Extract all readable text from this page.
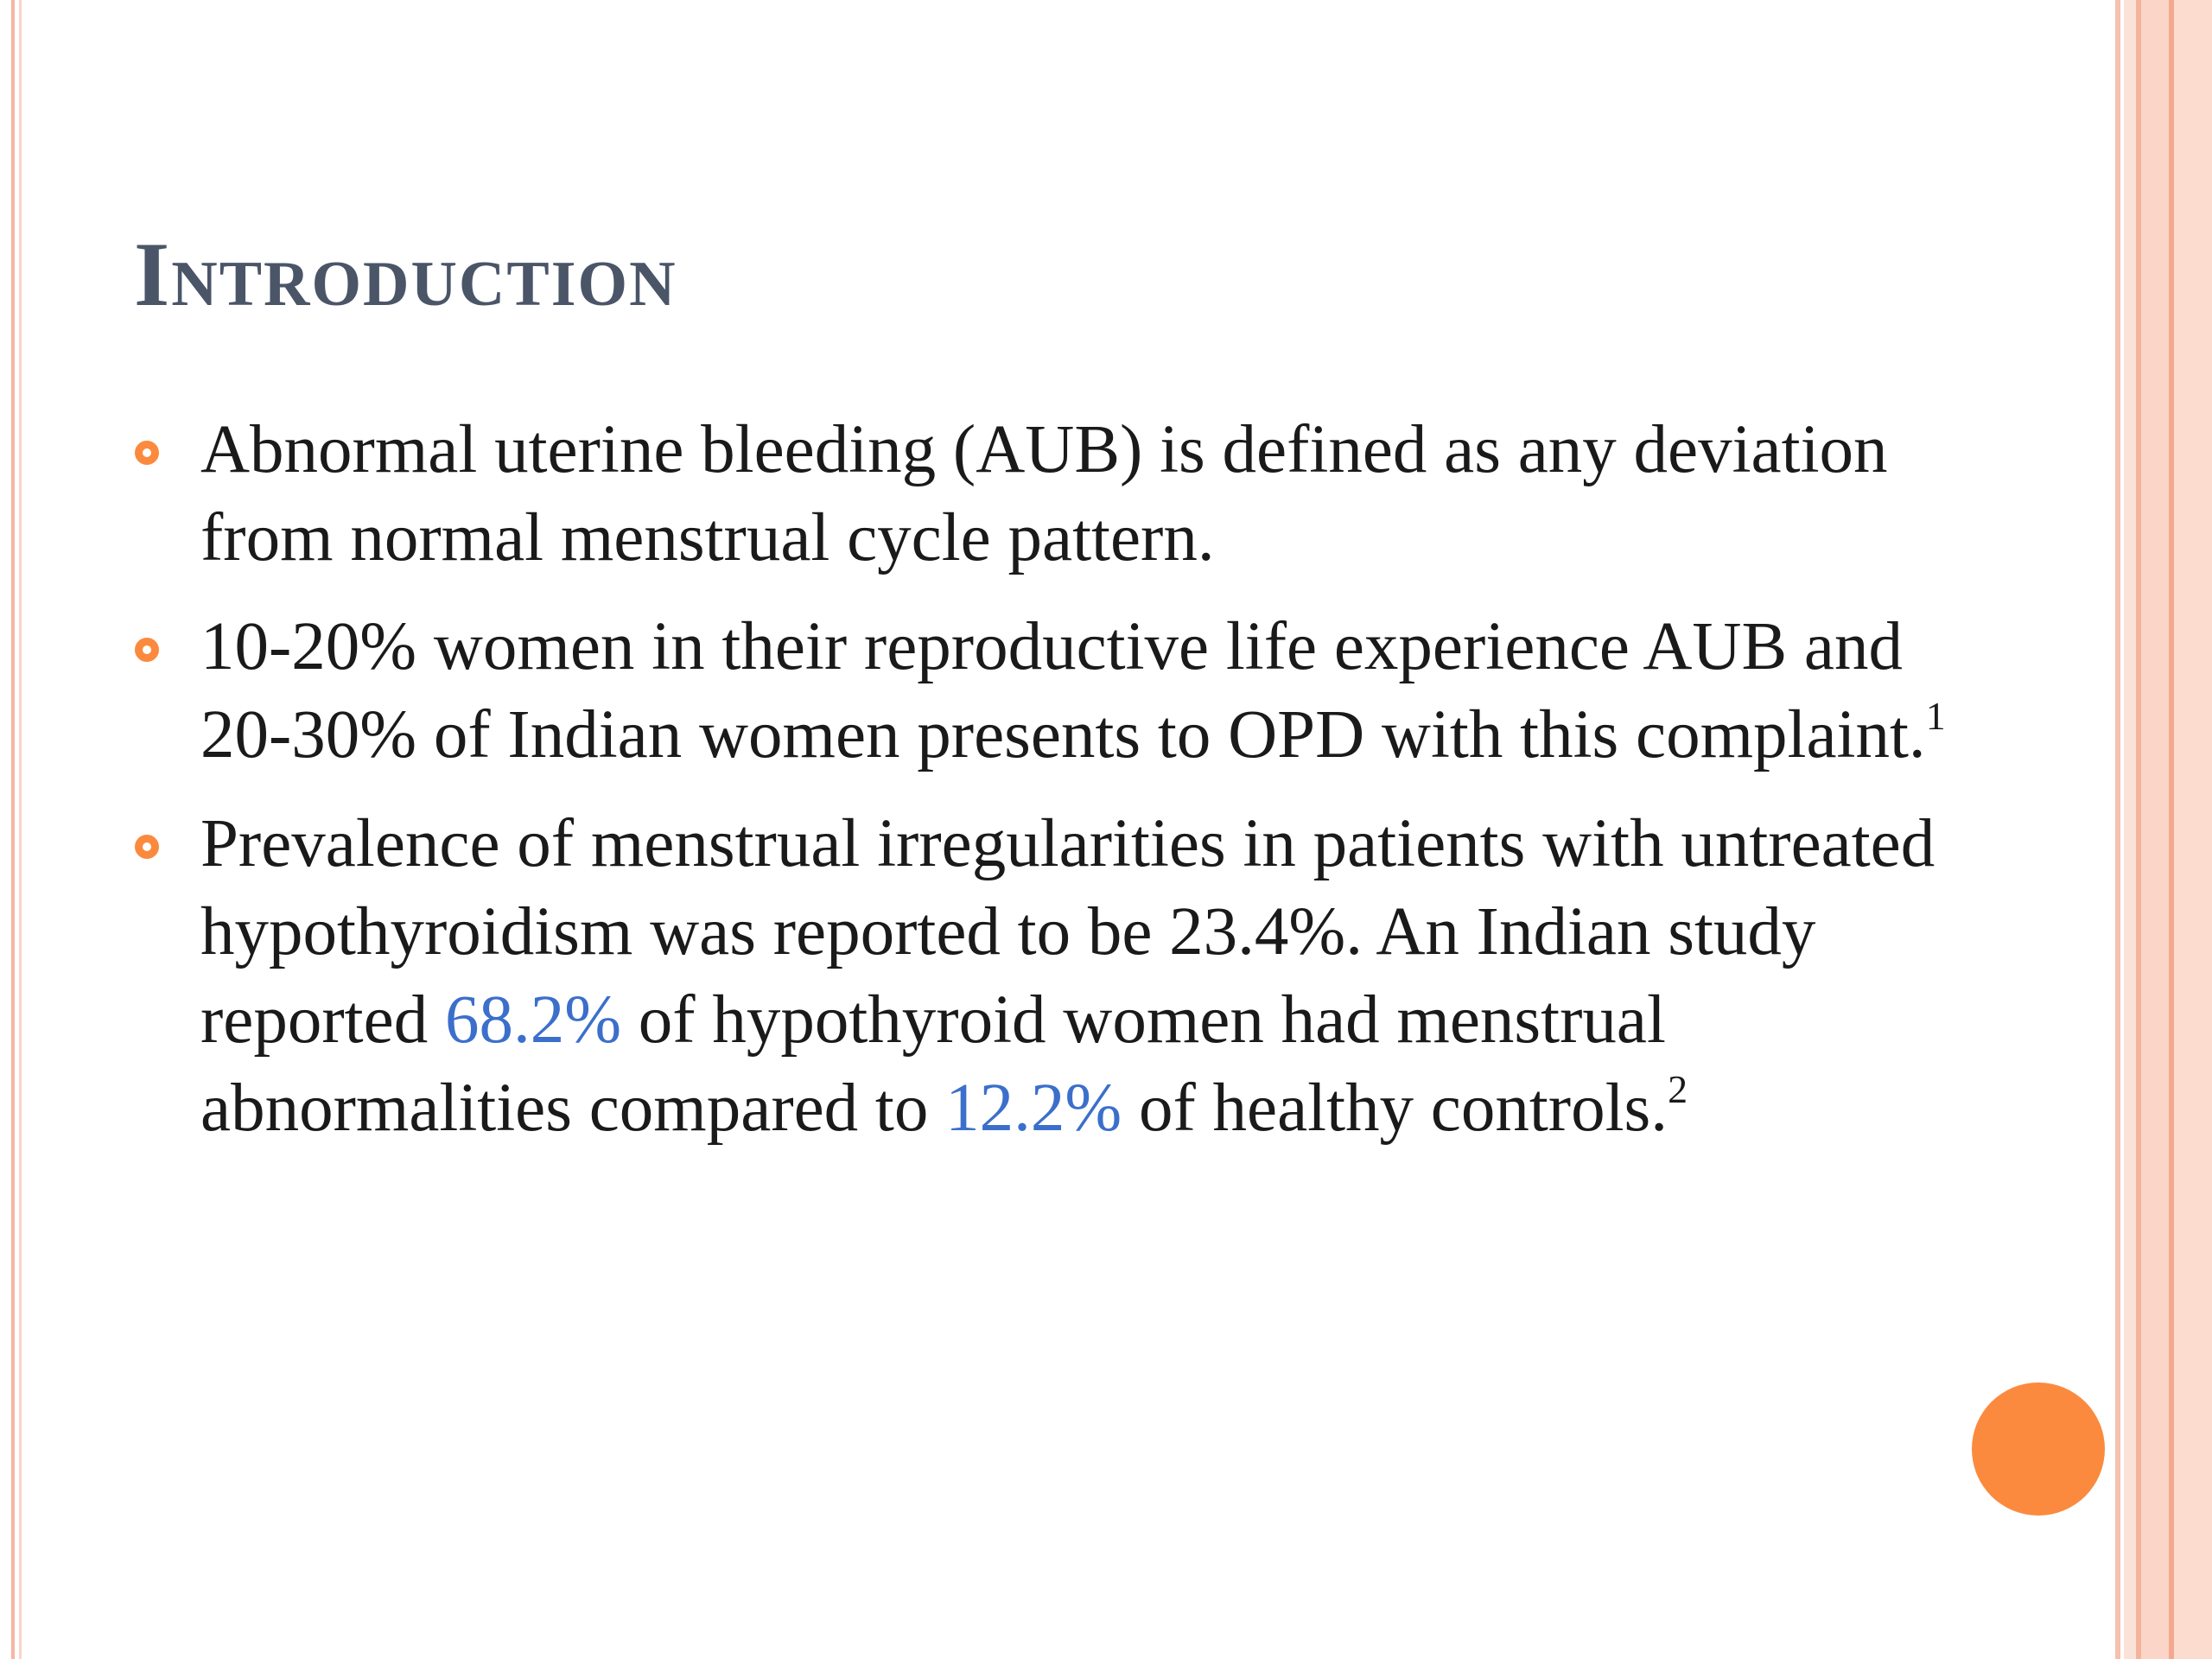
Introduction
Abnormal uterine bleeding (AUB) is defined as any deviation from normal menstrual cycle pattern.
10-20% women in their reproductive life experience AUB and 20-30% of Indian women presents to OPD with this complaint.$^1$
Prevalence of menstrual irregularities in patients with untreated hypothyroidism was reported to be 23.4%. An Indian study reported 68.2% of hypothyroid women had menstrual abnormalities compared to 12.2% of healthy controls.$^2$
